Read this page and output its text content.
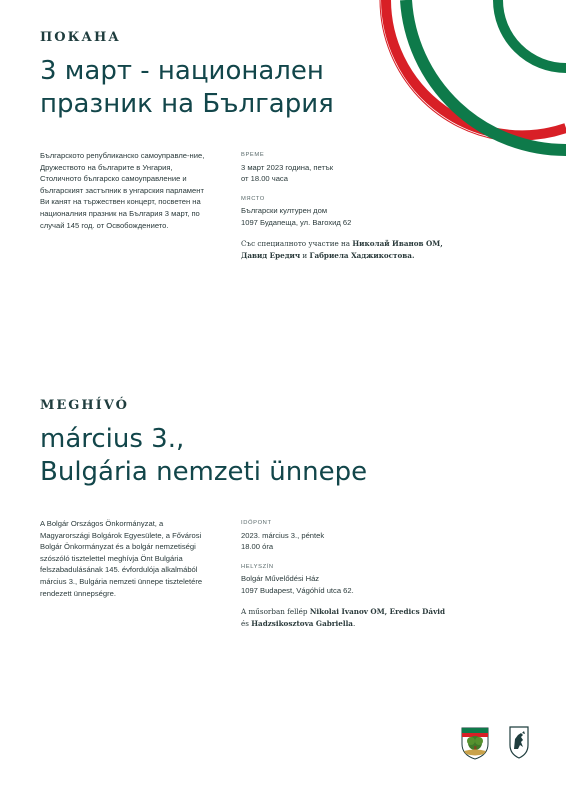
ПОКАНА
3 март - национален
празник на България
Българското републиканско самоуправле-ние, Дружеството на българите в Унгария, Столичното българско самоуправление и българският застъпник в унгарския парламент Ви канят на тържествен концерт, посветен на националния празник на България 3 март, по случай 145 год. от Освобождението.
ВРЕМЕ
3 март 2023 година, петък
от 18.00 часа
МЯСТО
Български културен дом
1097 Будапеща, ул. Вагохид 62
Със специалното участие на Николай Иванов ОМ,
Давид Ередич и Габриела Хаджикостова.
MEGHÍVÓ
március 3.,
Bulgária nemzeti ünnepe
A Bolgár Országos Önkormányzat, a Magyarországi Bolgárok Egyesülete, a Fővárosi Bolgár Önkormányzat és a bolgár nemzetiségi szószóló tisztelettel meghívja Önt Bulgária felszabadulásának 145. évfordulója alkalmából március 3., Bulgária nemzeti ünnepe tiszteletére rendezett ünnepségre.
IDŐPONT
2023. március 3., péntek
18.00 óra
HELYSZÍN
Bolgár Művelődési Ház
1097 Budapest, Vágóhíd utca 62.
A műsorban fellép Nikolai Ivanov OM, Eredics Dávid
és Hadzsikosztova Gabriella.
